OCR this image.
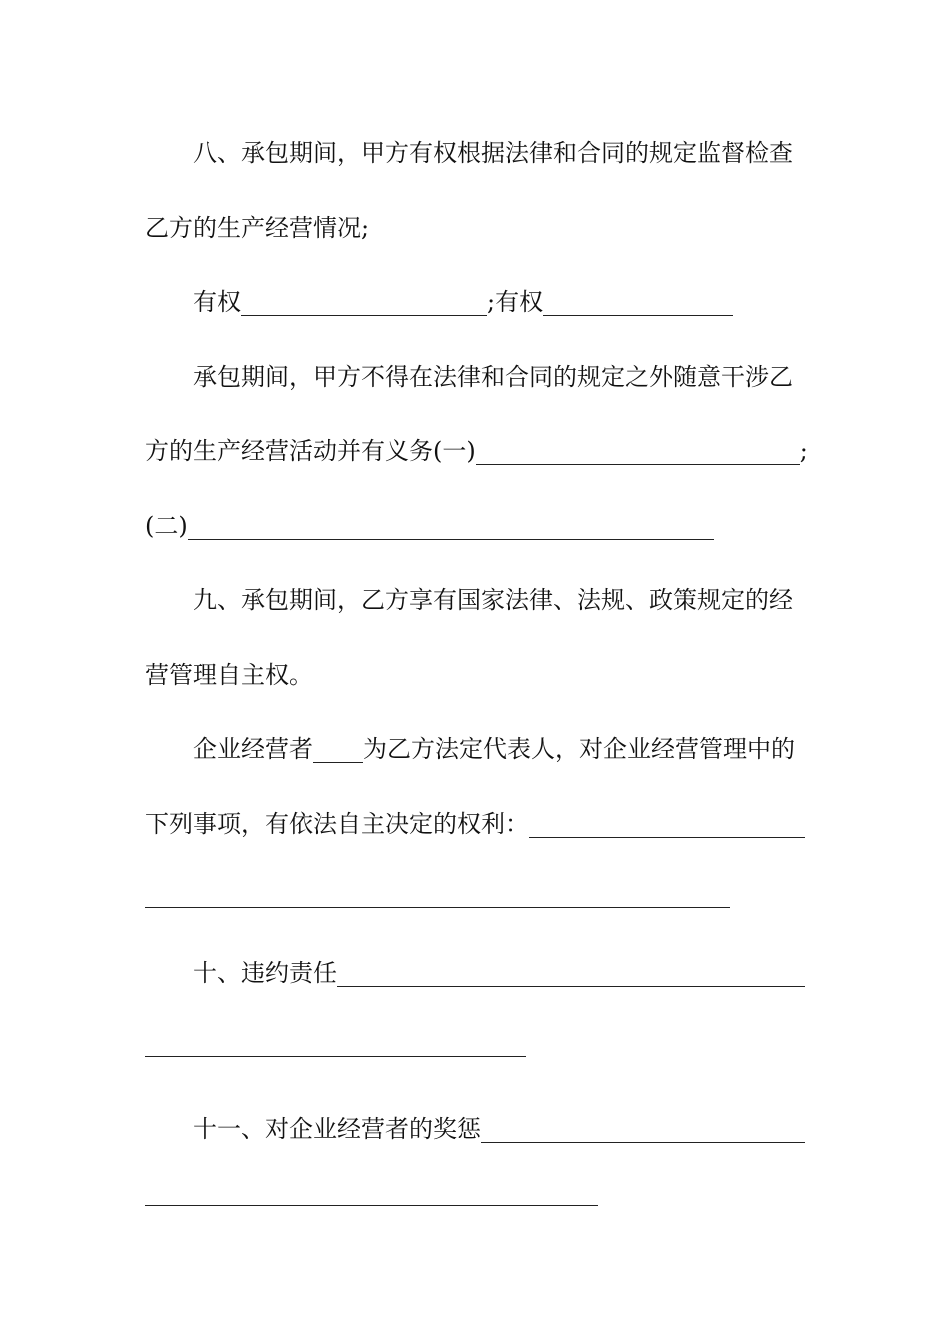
八、承包期间，甲方有权根据法律和合同的规定监督检查
乙方的生产经营情况;
有权	;有权
承包期间，甲方不得在法律和合同的规定之外随意干涉乙
方的生产经营活动并有义务(一)	;
(二)
九、承包期间，乙方享有国家法律、法规、政策规定的经
营管理自主权。
企业经营者 为乙方法定代表人，对企业经营管理中的
下列事项，有依法自主决定的权利：
十、违约责任
十一、对企业经营者的奖惩
